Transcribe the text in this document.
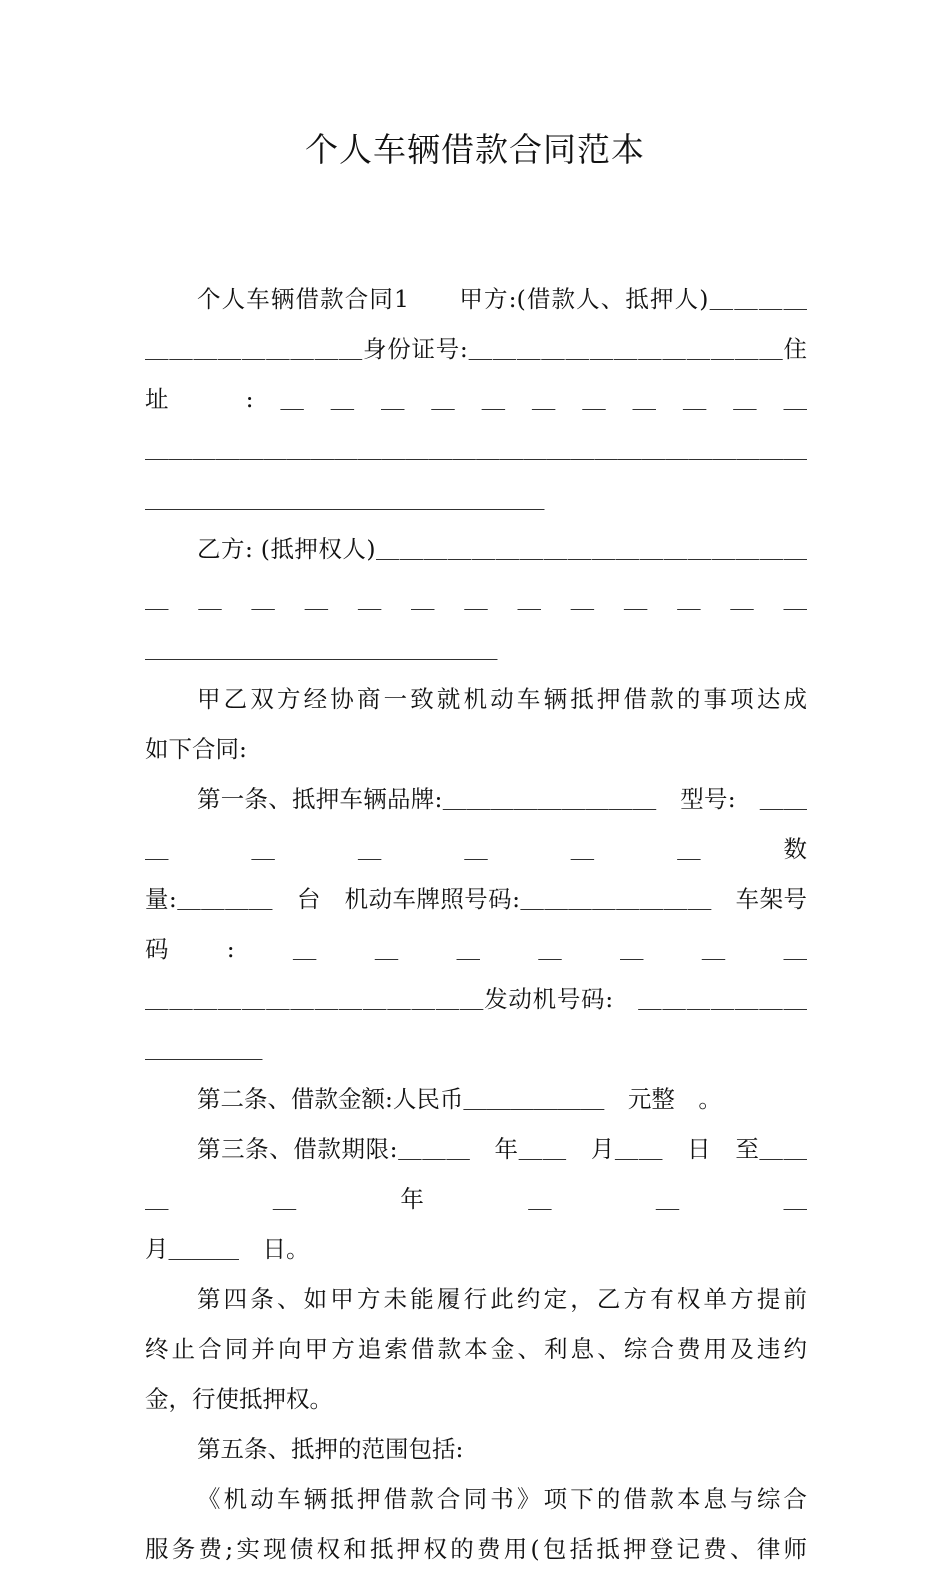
个人车辆借款合同范本

个人车辆借款合同1　　甲方:(借款人、抵押人)＿＿＿＿

＿＿＿＿＿＿＿＿＿身份证号:＿＿＿＿＿＿＿＿＿＿＿＿＿住址　:＿＿＿＿＿＿＿＿＿＿＿

＿＿＿＿＿＿＿＿＿＿＿＿＿＿＿＿＿＿＿＿＿＿＿＿＿＿＿＿＿＿＿＿＿＿＿＿＿＿＿＿＿＿＿＿＿

乙方: (抵押权人)＿＿＿＿＿＿＿＿＿＿＿＿＿＿＿＿＿＿＿＿＿＿＿＿＿＿＿＿＿＿＿

＿＿＿＿＿＿＿＿＿＿＿＿＿＿＿

甲乙双方经协商一致就机动车辆抵押借款的事项达成

如下合同:

第一条、抵押车辆品牌:＿＿＿＿＿＿＿＿＿　型号:　＿＿＿＿＿＿＿＿数

量:＿＿＿＿　台　机动车牌照号码:＿＿＿＿＿＿＿＿　车架号码:＿＿＿＿＿＿＿

＿＿＿＿＿＿＿＿＿＿＿＿＿＿发动机号码:　＿＿＿＿＿＿＿＿＿＿＿＿

第二条、借款金额:人民币＿＿＿＿＿＿　元整　。

第三条、借款期限:＿＿＿　年＿＿　月＿＿　日　至＿＿＿＿年＿＿＿

月＿＿＿　日。

第四条、如甲方未能履行此约定，乙方有权单方提前

终止合同并向甲方追索借款本金、利息、综合费用及违约

金，行使抵押权。

第五条、抵押的范围包括:

《机动车辆抵押借款合同书》项下的借款本息与综合

服务费;实现债权和抵押权的费用(包括抵押登记费、律师
